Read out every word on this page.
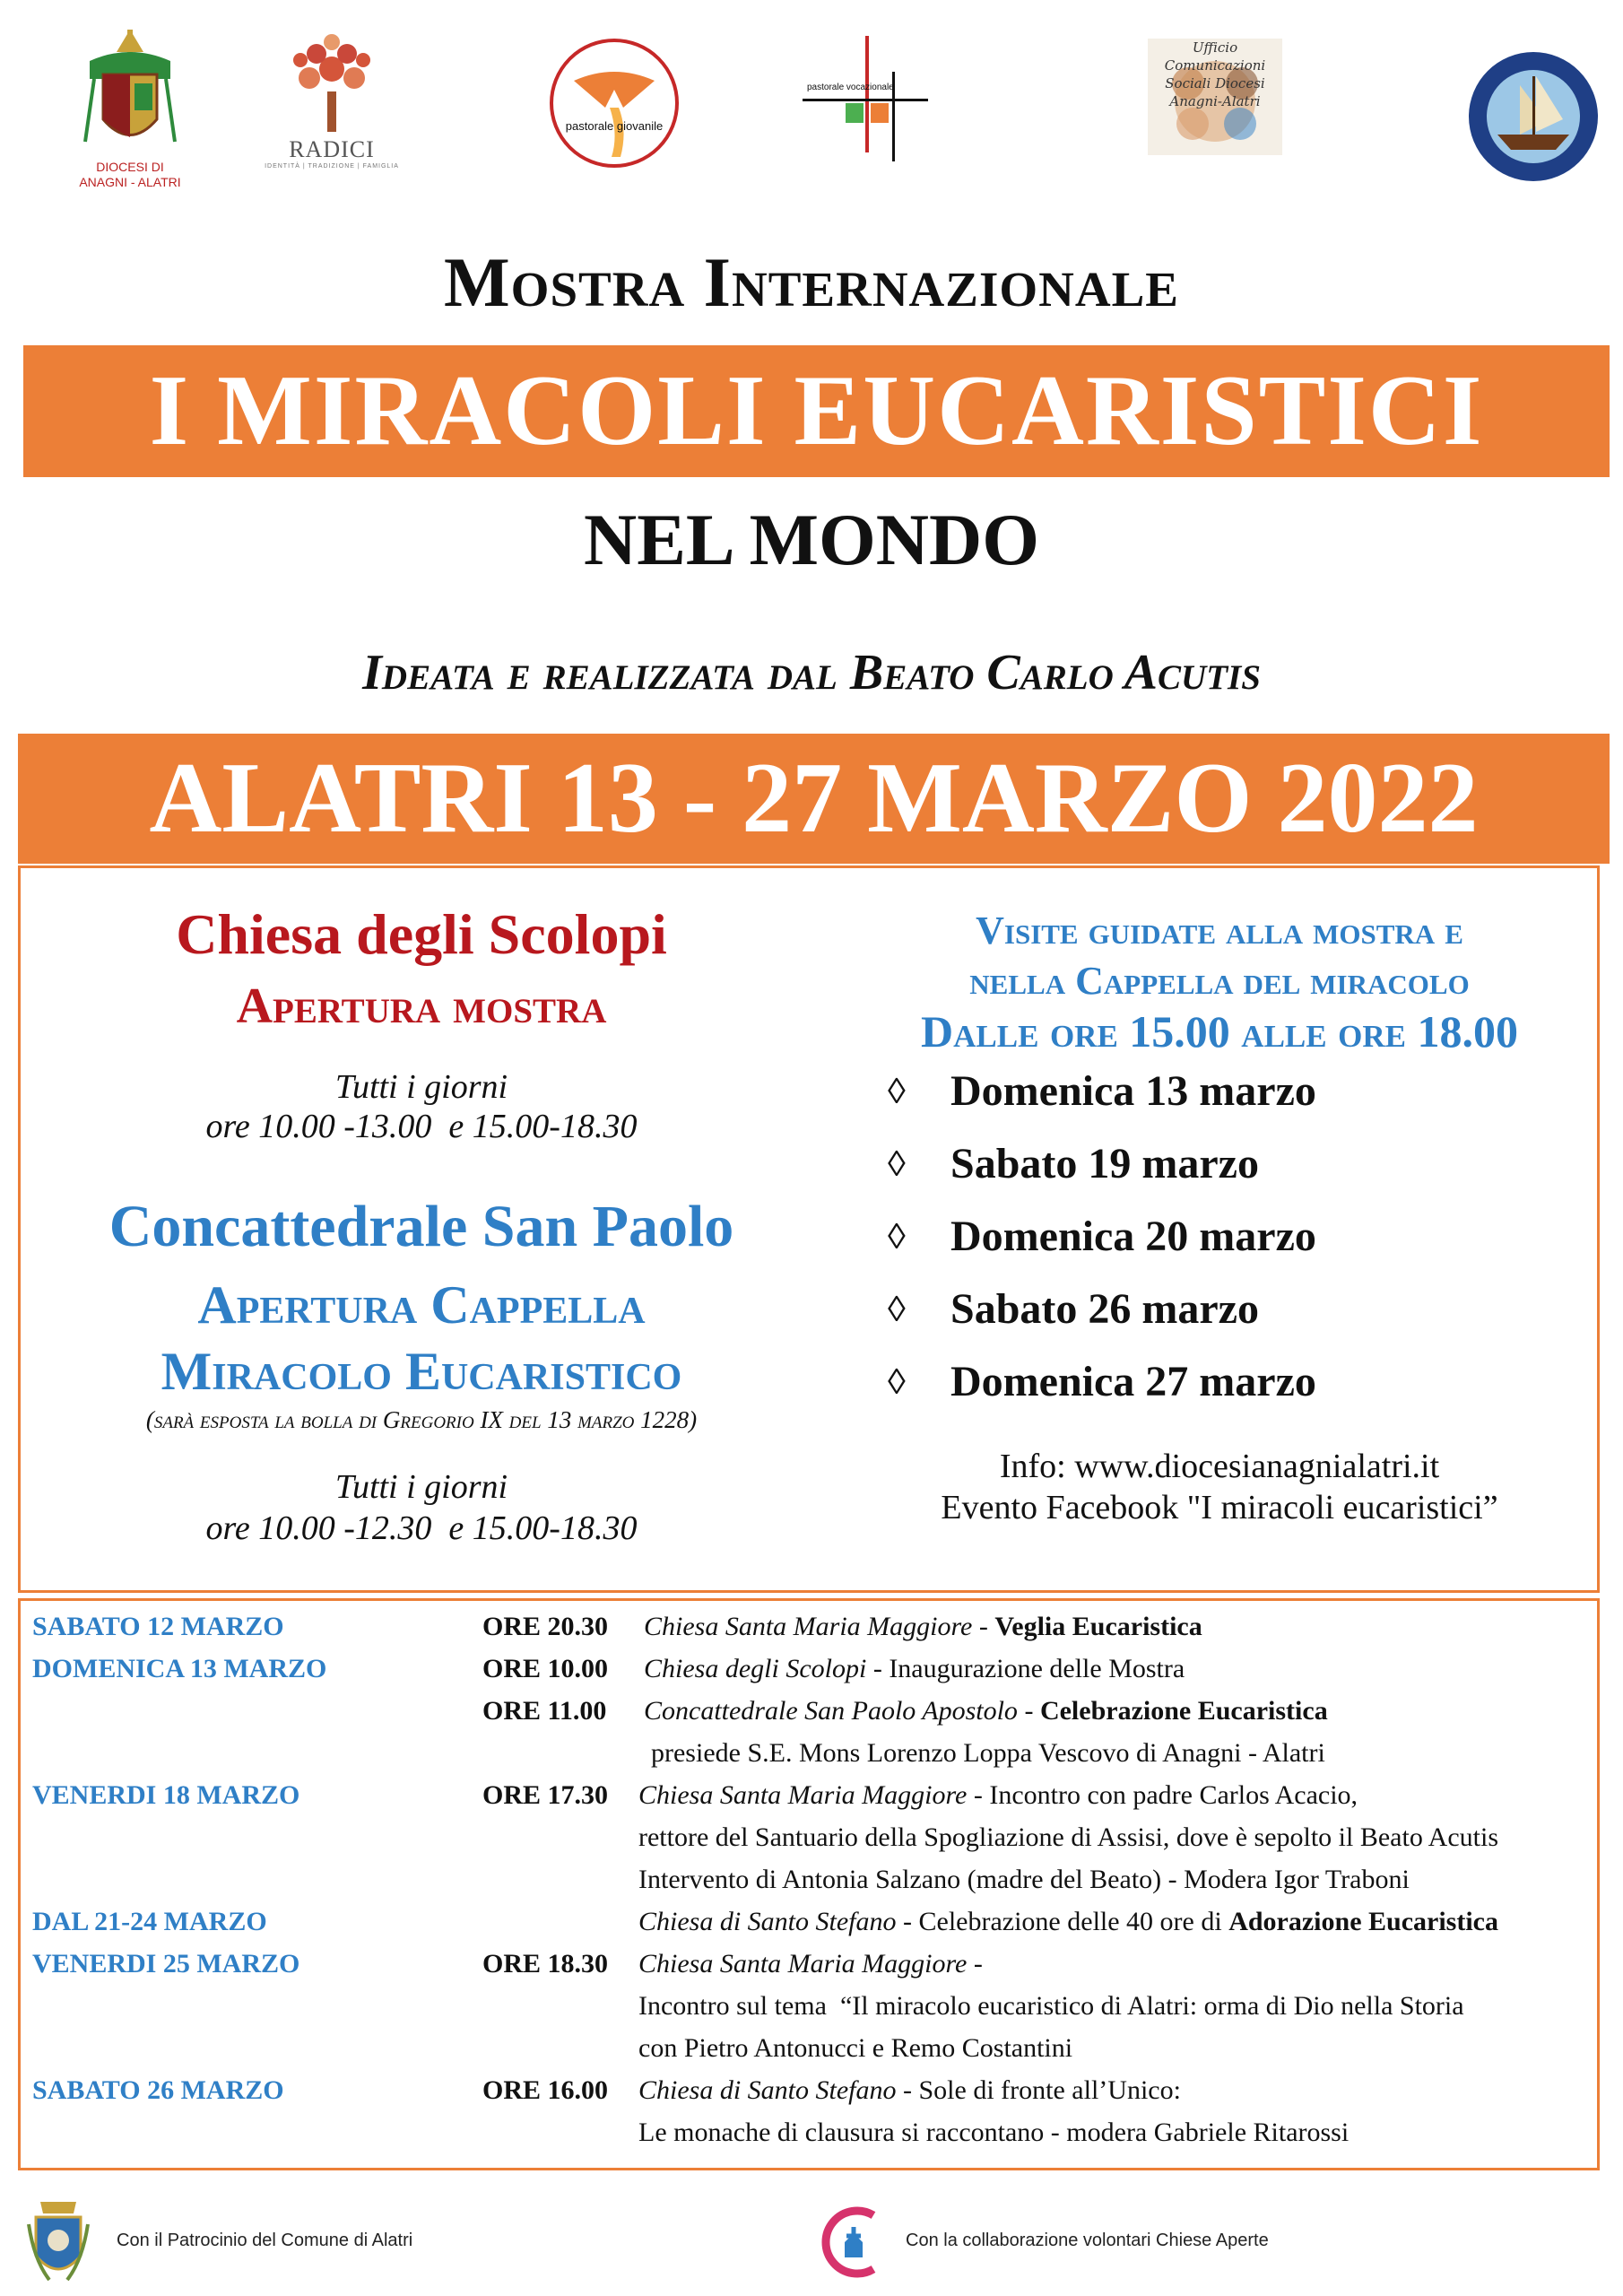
DIOCESI DI ANAGNI - ALATRI
RADICI
IDENTITÀ | TRADIZIONE | FAMIGLIA
pastorale giovanile
pastorale vocazionale
Ufficio Comunicazioni Sociali Diocesi Anagni-Alatri
Mostra Internazionale
I MIRACOLI EUCARISTICI
NEL MONDO
Ideata e realizzata dal Beato Carlo Acutis
ALATRI 13 - 27 MARZO 2022
Chiesa degli Scolopi
Apertura mostra
Tutti i giorni
ore 10.00 -13.00  e 15.00-18.30
Concattedrale San Paolo
Apertura Cappella
Miracolo Eucaristico
(sarà esposta la bolla di Gregorio IX del 13 marzo 1228)
Tutti i giorni
ore 10.00 -12.30  e 15.00-18.30
Visite guidate alla mostra e
nella Cappella del miracolo
Dalle ore 15.00 alle ore 18.00
◊	Domenica 13 marzo
◊	Sabato 19 marzo
◊	Domenica 20 marzo
◊	Sabato 26 marzo
◊	Domenica 27 marzo
Info: www.diocesianagnialatri.it
Evento Facebook "I miracoli eucaristici”
SABATO 12 MARZO	ORE 20.30 Chiesa Santa Maria Maggiore - Veglia Eucaristica
DOMENICA 13 MARZO	ORE 10.00 Chiesa degli Scolopi - Inaugurazione delle Mostra
ORE 11.00 Concattedrale San Paolo Apostolo - Celebrazione Eucaristica
presiede S.E. Mons Lorenzo Loppa Vescovo di Anagni - Alatri
VENERDI 18 MARZO	ORE 17.30 Chiesa Santa Maria Maggiore - Incontro con padre Carlos Acacio,
rettore del Santuario della Spogliazione di Assisi, dove è sepolto il Beato Acutis
Intervento di Antonia Salzano (madre del Beato) - Modera Igor Traboni
DAL 21-24 MARZO	Chiesa di Santo Stefano - Celebrazione delle 40 ore di Adorazione Eucaristica
VENERDI 25 MARZO	ORE 18.30 Chiesa Santa Maria Maggiore -
Incontro sul tema  “Il miracolo eucaristico di Alatri: orma di Dio nella Storia
con Pietro Antonucci e Remo Costantini
SABATO 26 MARZO	ORE 16.00 Chiesa di Santo Stefano - Sole di fronte all’Unico:
Le monache di clausura si raccontano - modera Gabriele Ritarossi
Con il Patrocinio del Comune di Alatri	Con la collaborazione volontari Chiese Aperte
